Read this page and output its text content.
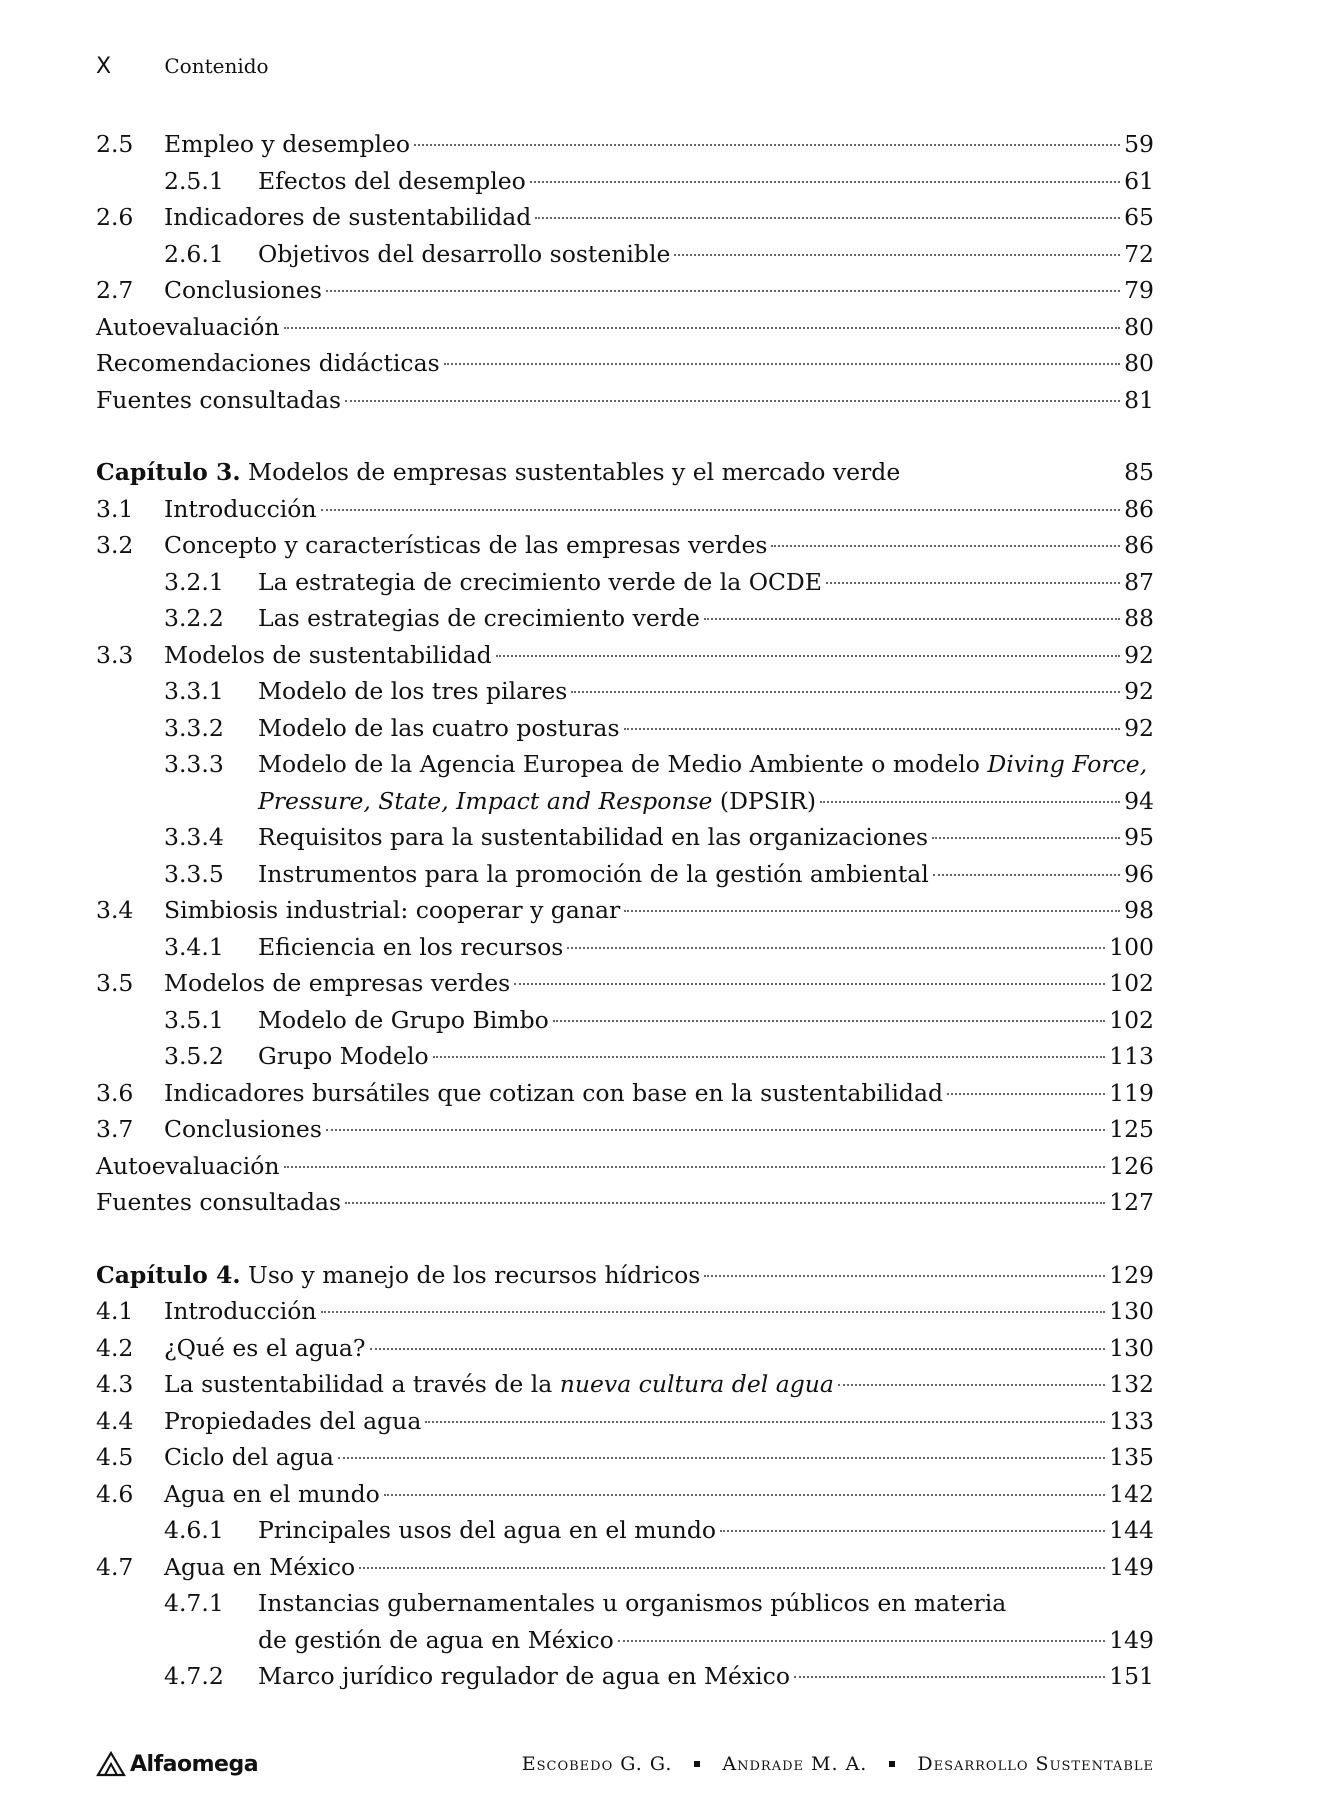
X	Contenido
2.5	Empleo y desempleo	59
2.5.1	Efectos del desempleo	61
2.6	Indicadores de sustentabilidad	65
2.6.1	Objetivos del desarrollo sostenible	72
2.7	Conclusiones	79
Autoevaluación	80
Recomendaciones didácticas	80
Fuentes consultadas	81
Capítulo 3. Modelos de empresas sustentables y el mercado verde	85
3.1	Introducción	86
3.2	Concepto y características de las empresas verdes	86
3.2.1	La estrategia de crecimiento verde de la OCDE	87
3.2.2	Las estrategias de crecimiento verde	88
3.3	Modelos de sustentabilidad	92
3.3.1	Modelo de los tres pilares	92
3.3.2	Modelo de las cuatro posturas	92
3.3.3	Modelo de la Agencia Europea de Medio Ambiente o modelo Diving Force,
Pressure, State, Impact and Response (DPSIR)	94
3.3.4	Requisitos para la sustentabilidad en las organizaciones	95
3.3.5	Instrumentos para la promoción de la gestión ambiental	96
3.4	Simbiosis industrial: cooperar y ganar	98
3.4.1	Eficiencia en los recursos	100
3.5	Modelos de empresas verdes	102
3.5.1	Modelo de Grupo Bimbo	102
3.5.2	Grupo Modelo	113
3.6	Indicadores bursátiles que cotizan con base en la sustentabilidad	119
3.7	Conclusiones	125
Autoevaluación	126
Fuentes consultadas	127
Capítulo 4. Uso y manejo de los recursos hídricos	129
4.1	Introducción	130
4.2	¿Qué es el agua?	130
4.3	La sustentabilidad a través de la nueva cultura del agua	132
4.4	Propiedades del agua	133
4.5	Ciclo del agua	135
4.6	Agua en el mundo	142
4.6.1	Principales usos del agua en el mundo	144
4.7	Agua en México	149
4.7.1	Instancias gubernamentales u organismos públicos en materia
de gestión de agua en México	149
4.7.2	Marco jurídico regulador de agua en México	151
Alfaomega	Escobedo G. G.	Andrade M. A.	Desarrollo Sustentable
